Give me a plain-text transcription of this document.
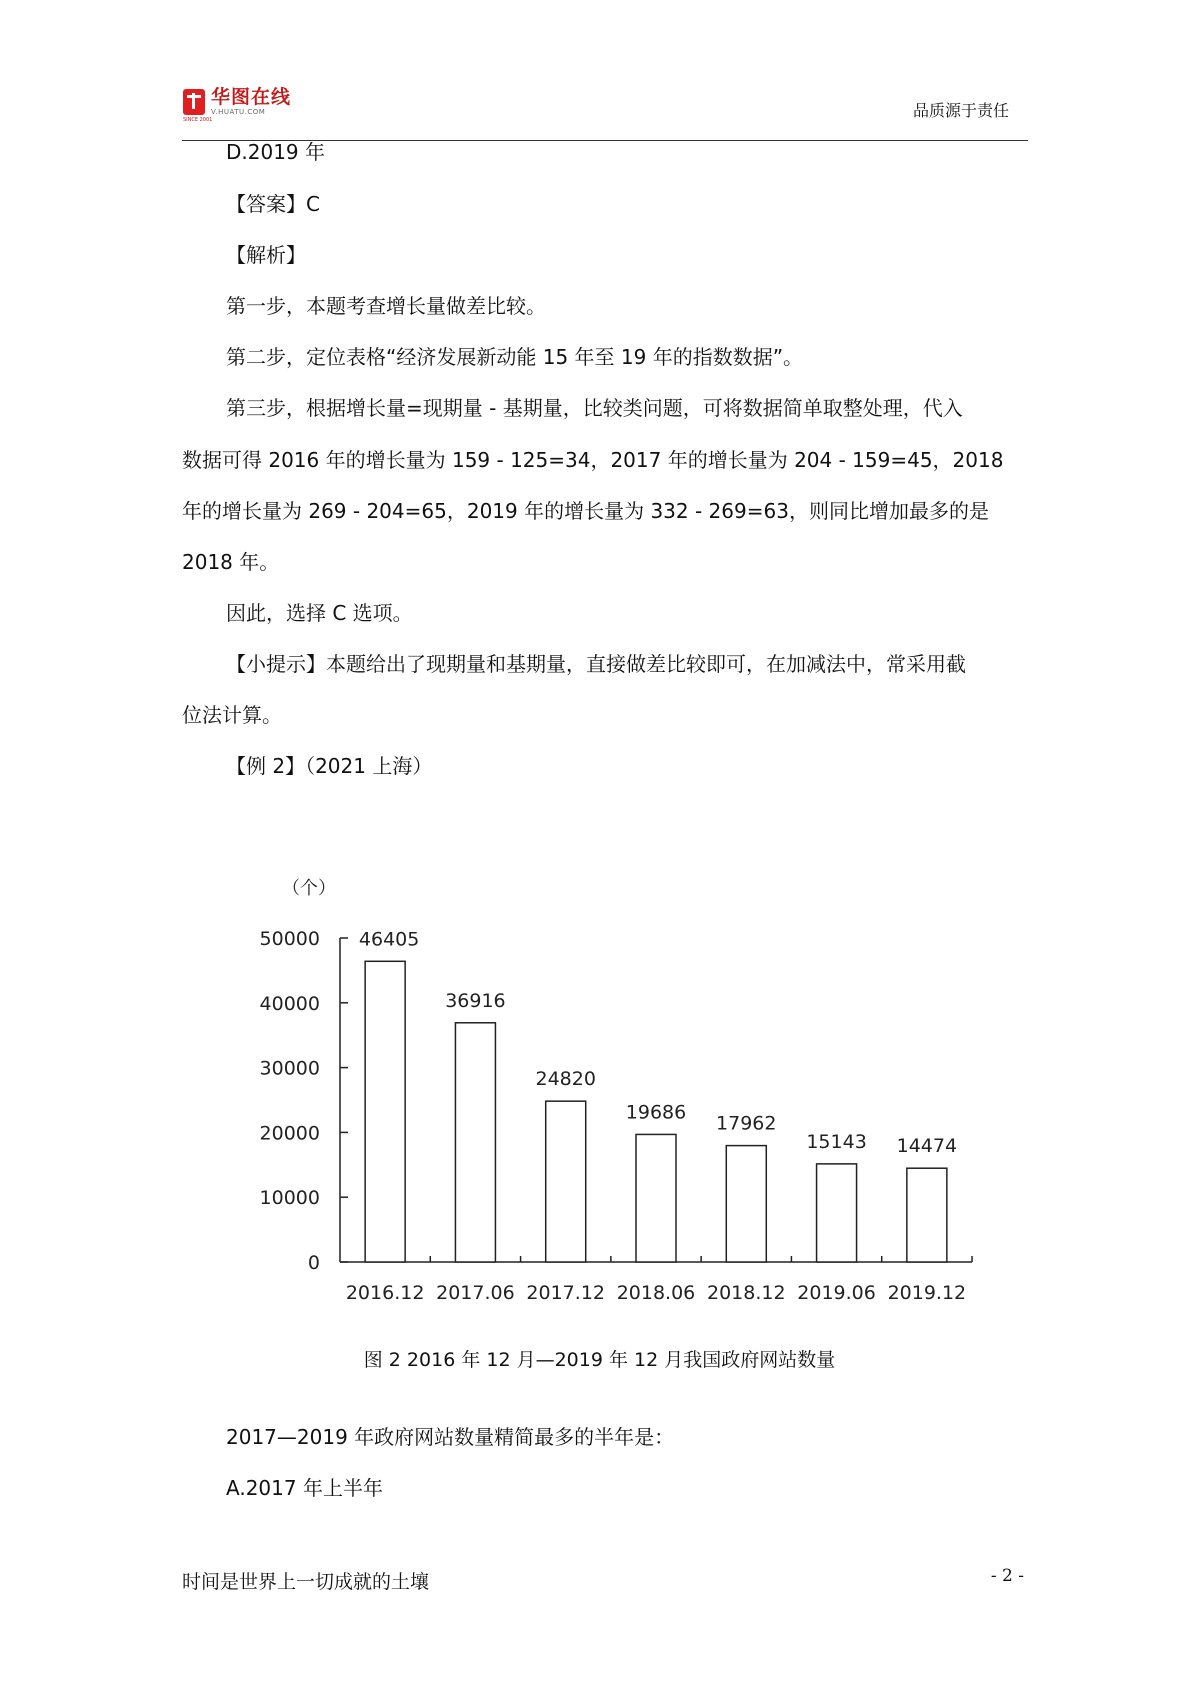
华图在线
V.HUATU.COM
SINCE 2001	品质源于责任
D.2019 年
【答案】C
【解析】
第一步，本题考查增长量做差比较。
第二步，定位表格“经济发展新动能 15 年至 19 年的指数数据”。
第三步，根据增长量=现期量 - 基期量，比较类问题，可将数据简单取整处理，代入
数据可得 2016 年的增长量为 159 - 125=34，2017 年的增长量为 204 - 159=45，2018
年的增长量为 269 - 204=65，2019 年的增长量为 332 - 269=63，则同比增加最多的是
2018 年。
因此，选择 C 选项。
【小提示】本题给出了现期量和基期量，直接做差比较即可，在加减法中，常采用截
位法计算。
【例 2】（2021 上海）
（个）
0
10000
20000
30000
40000
50000
2016.12 2017.06 2017.12 2018.06 2018.12 2019.06 2019.12
46405
36916
24820
19686
17962
15143 14474
图 2 2016 年 12 月—2019 年 12 月我国政府网站数量
2017—2019 年政府网站数量精简最多的半年是：
A.2017 年上半年
时间是世界上一切成就的土壤	- 2 -
